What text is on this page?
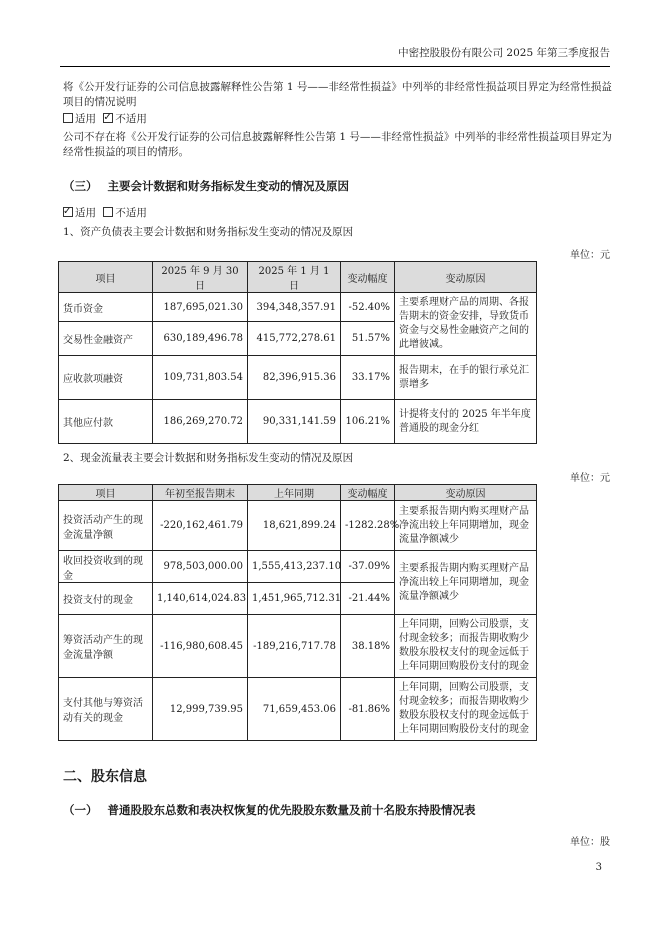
中密控股股份有限公司 2025 年第三季度报告
将《公开发行证券的公司信息披露解释性公告第 1 号——非经常性损益》中列举的非经常性损益项目界定为经常性损益
项目的情况说明
适用 ✓ 不适用
公司不存在将《公开发行证券的公司信息披露解释性公告第 1 号——非经常性损益》中列举的非经常性损益项目界定为
经常性损益的项目的情形。
（三） 主要会计数据和财务指标发生变动的情况及原因
✓适用 不适用
1、资产负债表主要会计数据和财务指标发生变动的情况及原因
单位：元
项目	2025 年 9 月 30 日	2025 年 1 月 1 日	变动幅度	变动原因
货币资金	187,695,021.30	394,348,357.91	-52.40%	主要系理财产品的周期、各报告期末的资金安排，导致货币资金与交易性金融资产之间的此增彼减。
交易性金融资产	630,189,496.78	415,772,278.61	51.57%	
应收款项融资	109,731,803.54	82,396,915.36	33.17%	报告期末，在手的银行承兑汇票增多
其他应付款	186,269,270.72	90,331,141.59	106.21%	计提将支付的 2025 年半年度普通股的现金分红
2、现金流量表主要会计数据和财务指标发生变动的情况及原因
单位：元
项目	年初至报告期末	上年同期	变动幅度	变动原因
投资活动产生的现金流量净额	-220,162,461.79	18,621,899.24	-1282.28%	主要系报告期内购买理财产品净流出较上年同期增加，现金流量净额减少
收回投资收到的现金	978,503,000.00	1,555,413,237.10	-37.09%	主要系报告期内购买理财产品净流出较上年同期增加，现金流量净额减少
投资支付的现金	1,140,614,024.83	1,451,965,712.31	-21.44%	
筹资活动产生的现金流量净额	-116,980,608.45	-189,216,717.78	38.18%	上年同期，回购公司股票，支付现金较多；而报告期收购少数股东股权支付的现金远低于上年同期回购股份支付的现金
支付其他与筹资活动有关的现金	12,999,739.95	71,659,453.06	-81.86%	上年同期，回购公司股票，支付现金较多；而报告期收购少数股东股权支付的现金远低于上年同期回购股份支付的现金
二、股东信息
（一） 普通股股东总数和表决权恢复的优先股股东数量及前十名股东持股情况表
单位：股
3
